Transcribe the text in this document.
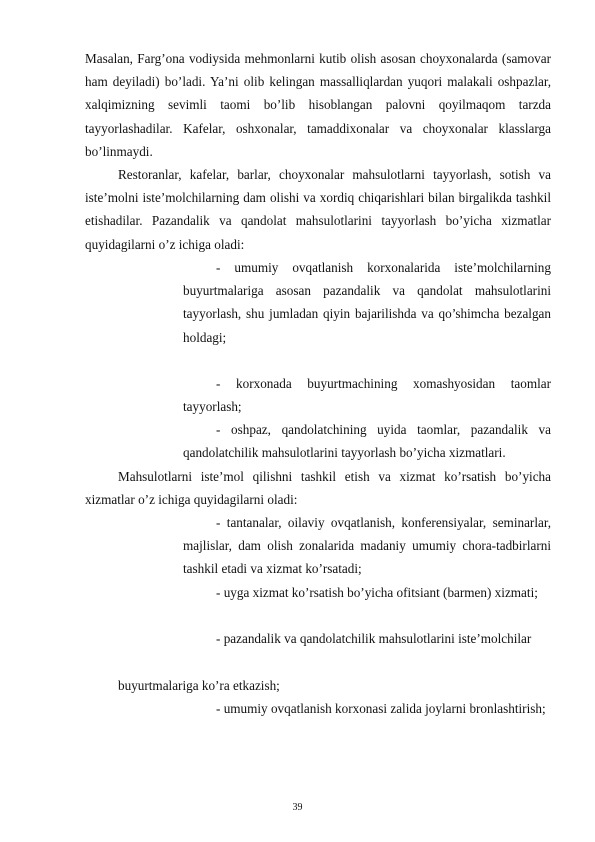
Masalan, Farg’ona vodiysida mehmonlarni kutib olish asosan choyxonalarda (samovar ham deyiladi) bo’ladi. Ya’ni olib kelingan massalliqlardan yuqori malakali oshpazlar, xalqimizning sevimli taomi bo’lib hisoblangan palovni qoyilmaqom tarzda tayyorlashadilar. Kafelar, oshxonalar, tamaddixonalar va choyxonalar klasslarga bo’linmaydi.

Restoranlar, kafelar, barlar, choyxonalar mahsulotlarni tayyorlash, sotish va iste’molni iste’molchilarning dam olishi va xordiq chiqarishlari bilan birgalikda tashkil etishadilar. Pazandalik va qandolat mahsulotlarini tayyorlash bo’yicha xizmatlar quyidagilarni o’z ichiga oladi:

- umumiy ovqatlanish korxonalarida iste’molchilarning buyurtmalariga asosan pazandalik va qandolat mahsulotlarini tayyorlash, shu jumladan qiyin bajarilishda va qo’shimcha bezalgan holdagi;

- korxonada buyurtmachining xomashyosidan taomlar tayyorlash;

- oshpaz, qandolatchining uyida taomlar, pazandalik va qandolatchilik mahsulotlarini tayyorlash bo’yicha xizmatlari.

Mahsulotlarni iste’mol qilishni tashkil etish va xizmat ko’rsatish bo’yicha xizmatlar o’z ichiga quyidagilarni oladi:

- tantanalar, oilaviy ovqatlanish, konferensiyalar, seminarlar, majlislar, dam olish zonalarida madaniy umumiy chora-tadbirlarni tashkil etadi va xizmat ko’rsatadi;

- uyga xizmat ko’rsatish bo’yicha ofitsiant (barmen) xizmati;

- pazandalik va qandolatchilik mahsulotlarini iste’molchilar

buyurtmalariga ko’ra etkazish;

- umumiy ovqatlanish korxonasi zalida joylarni bronlashtirish;

39
